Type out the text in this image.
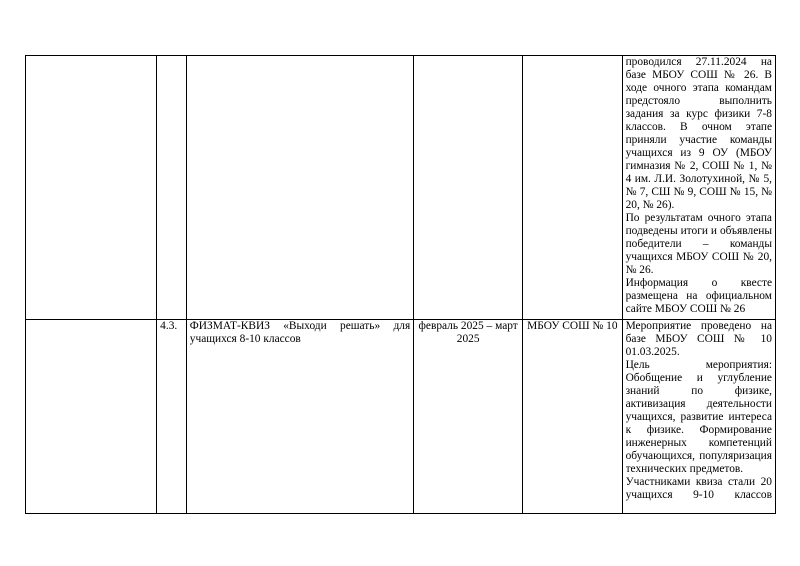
					проводился 27.11.2024 на базе МБОУ СОШ № 26. В ходе очного этапа командам предстояло выполнить задания за курс физики 7-8 классов. В очном этапе приняли участие команды учащихся из 9 ОУ (МБОУ гимназия № 2, СОШ № 1, № 4 им. Л.И. Золотухиной, № 5, № 7, СШ № 9, СОШ № 15, № 20, № 26).
По результатам очного этапа подведены итоги и объявлены победители – команды учащихся МБОУ СОШ № 20, № 26.
Информация о квесте размещена на официальном сайте МБОУ СОШ № 26

	4.3.	ФИЗМАТ-КВИЗ «Выходи решать» для учащихся 8-10 классов	февраль 2025 – март 2025	МБОУ СОШ № 10	Мероприятие проведено на базе МБОУ СОШ № 10 01.03.2025.
Цель мероприятия: Обобщение и углубление знаний по физике, активизация деятельности учащихся, развитие интереса к физике. Формирование инженерных компетенций обучающихся, популяризация технических предметов.
Участниками квиза стали 20 учащихся 9-10 классов
